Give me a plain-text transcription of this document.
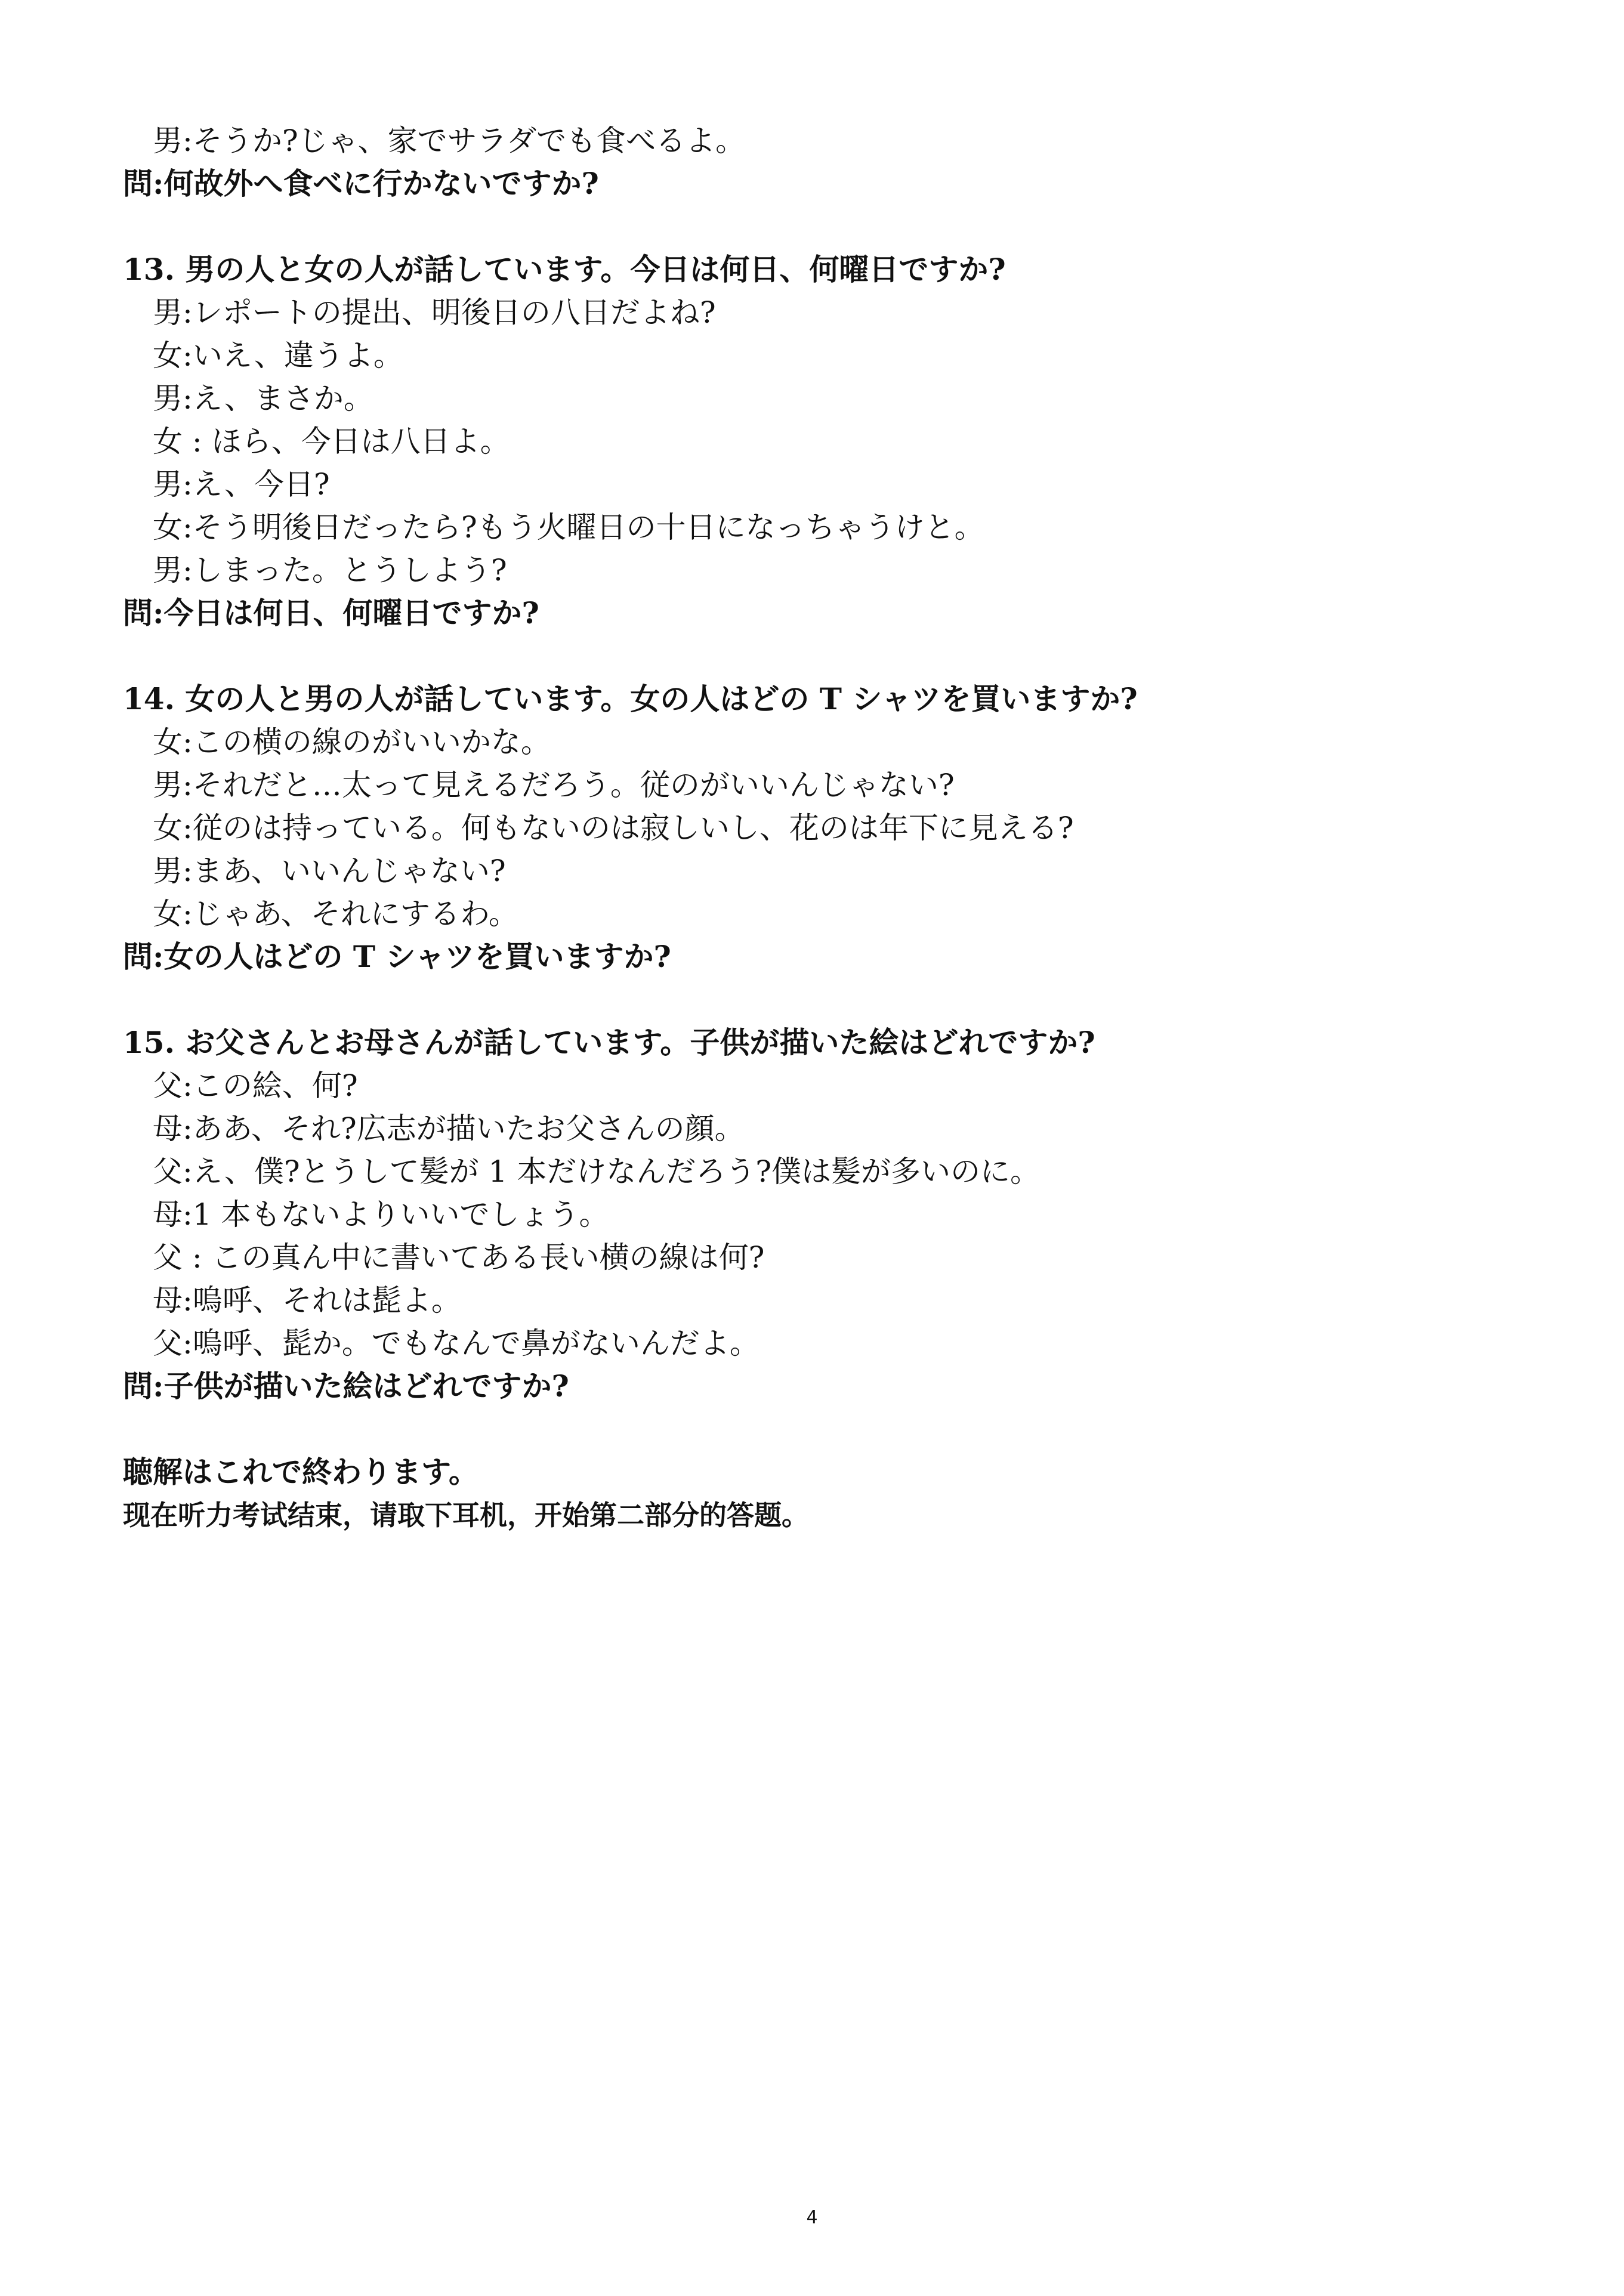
男:そうか?じゃ、家でサラダでも食べるよ。
問:何故外へ食べに行かないですか?
13. 男の人と女の人が話しています。今日は何日、何曜日ですか?
男:レポートの提出、明後日の八日だよね?
女:いえ、違うよ。
男:え、まさか。
女 : ほら、今日は八日よ。
男:え、今日?
女:そう明後日だったら?もう火曜日の十日になっちゃうけと。
男:しまった。とうしよう?
問:今日は何日、何曜日ですか?
14. 女の人と男の人が話しています。女の人はどの T シャツを買いますか?
女:この横の線のがいいかな。
男:それだと…太って見えるだろう。従のがいいんじゃない?
女:従のは持っている。何もないのは寂しいし、花のは年下に見える?
男:まあ、いいんじゃない?
女:じゃあ、それにするわ。
問:女の人はどの T シャツを買いますか?
15. お父さんとお母さんが話しています。子供が描いた絵はどれですか?
父:この絵、何?
母:ああ、それ?広志が描いたお父さんの顔。
父:え、僕?とうして髪が 1 本だけなんだろう?僕は髪が多いのに。
母:1 本もないよりいいでしょう。
父 : この真ん中に書いてある長い横の線は何?
母:嗚呼、それは髭よ。
父:嗚呼、髭か。でもなんで鼻がないんだよ。
問:子供が描いた絵はどれですか?
聴解はこれで終わります。
现在听力考试结束，请取下耳机，开始第二部分的答题。
4
